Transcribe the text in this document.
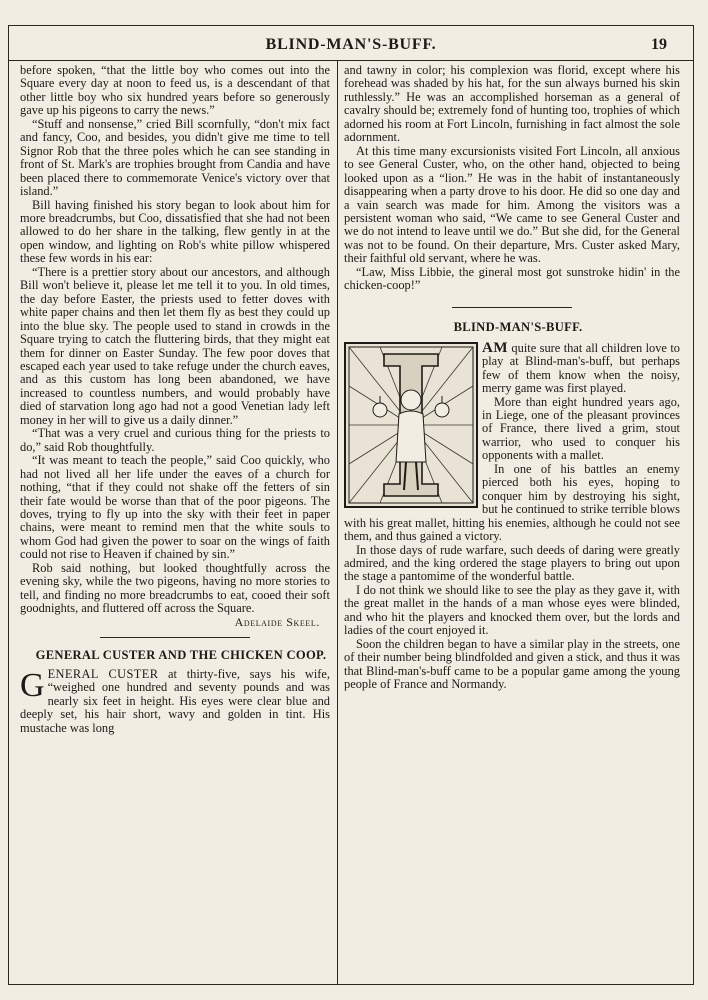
BLIND-MAN'S-BUFF.	19

before spoken, “that the little boy who comes out into the Square every day at noon to feed us, is a descendant of that other little boy who six hundred years before so generously gave up his pigeons to carry the news.”

“Stuff and nonsense,” cried Bill scornfully, “don't mix fact and fancy, Coo, and besides, you didn't give me time to tell Signor Rob that the three poles which he can see standing in front of St. Mark's are trophies brought from Candia and have been placed there to commemorate Venice's victory over that island.”

Bill having finished his story began to look about him for more breadcrumbs, but Coo, dissatisfied that she had not been allowed to do her share in the talking, flew gently in at the open window, and lighting on Rob's white pillow whispered these few words in his ear:

“There is a prettier story about our ancestors, and although Bill won't believe it, please let me tell it to you. In old times, the day before Easter, the priests used to fetter doves with white paper chains and then let them fly as best they could up into the blue sky. The people used to stand in crowds in the Square trying to catch the fluttering birds, that they might eat them for dinner on Easter Sunday. The few poor doves that escaped each year used to take refuge under the church eaves, and as this custom has long been abandoned, we have increased to countless numbers, and would probably have died of starvation long ago had not a good Venetian lady left money in her will to give us a daily dinner.”

“That was a very cruel and curious thing for the priests to do,” said Rob thoughtfully.

“It was meant to teach the people,” said Coo quickly, who had not lived all her life under the eaves of a church for nothing, “that if they could not shake off the fetters of sin their fate would be worse than that of the poor pigeons. The doves, trying to fly up into the sky with their feet in paper chains, were meant to remind men that the white souls to whom God had given the power to soar on the wings of faith could not rise to Heaven if chained by sin.”

Rob said nothing, but looked thoughtfully across the evening sky, while the two pigeons, having no more stories to tell, and finding no more breadcrumbs to eat, cooed their soft goodnights, and fluttered off across the Square.

Adelaide Skeel.

GENERAL CUSTER AND THE CHICKEN COOP.

GENERAL CUSTER at thirty-five, says his wife, “weighed one hundred and seventy pounds and was nearly six feet in height. His eyes were clear blue and deeply set, his hair short, wavy and golden in tint. His mustache was long

and tawny in color; his complexion was florid, except where his forehead was shaded by his hat, for the sun always burned his skin ruthlessly.” He was an accomplished horseman as a general of cavalry should be; extremely fond of hunting too, trophies of which adorned his room at Fort Lincoln, furnishing in fact almost the sole adornment.

At this time many excursionists visited Fort Lincoln, all anxious to see General Custer, who, on the other hand, objected to being looked upon as a “lion.” He was in the habit of instantaneously disappearing when a party drove to his door. He did so one day and a vain search was made for him. Among the visitors was a persistent woman who said, “We came to see General Custer and we do not intend to leave until we do.” But she did, for the General was not to be found. On their departure, Mrs. Custer asked Mary, their faithful old servant, where he was.

“Law, Miss Libbie, the gineral most got sunstroke hidin' in the chicken-coop!”

BLIND-MAN'S-BUFF.

AM quite sure that all children love to play at Blind-man's-buff, but perhaps few of them know when the noisy, merry game was first played.

More than eight hundred years ago, in Liege, one of the pleasant provinces of France, there lived a grim, stout warrior, who used to conquer his opponents with a mallet.

In one of his battles an enemy pierced both his eyes, hoping to conquer him by destroying his sight, but he continued to strike terrible blows with his great mallet, hitting his enemies, although he could not see them, and thus gained a victory.

In those days of rude warfare, such deeds of daring were greatly admired, and the king ordered the stage players to bring out upon the stage a pantomime of the wonderful battle.

I do not think we should like to see the play as they gave it, with the great mallet in the hands of a man whose eyes were blinded, and who hit the players and knocked them over, but the lords and ladies of the court enjoyed it.

Soon the children began to have a similar play in the streets, one of their number being blindfolded and given a stick, and thus it was that Blind-man's-buff came to be a popular game among the young people of France and Normandy.
